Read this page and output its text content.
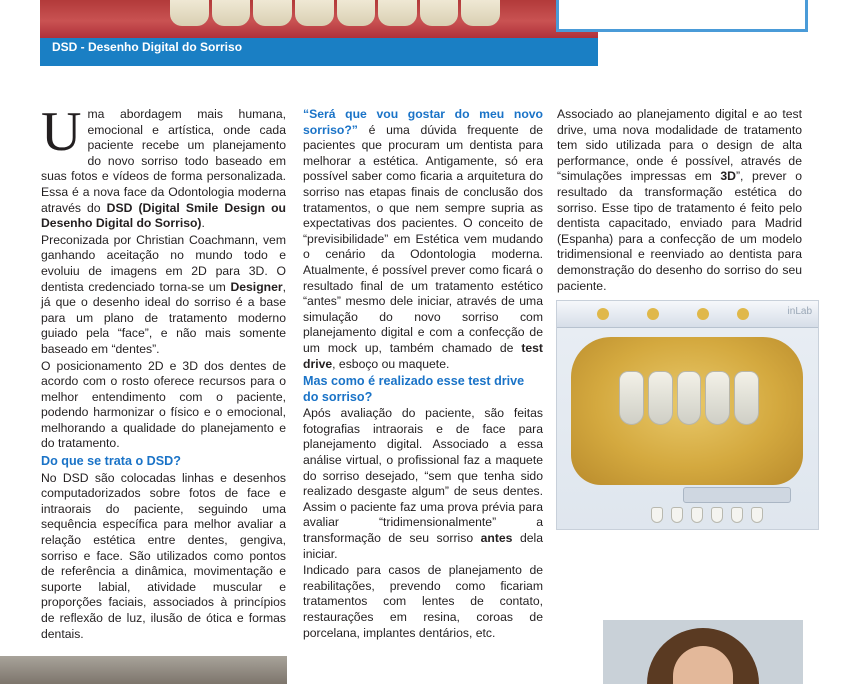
DSD - Desenho Digital do Sorriso

Uma abordagem mais humana, emocional e artística, onde cada paciente recebe um planejamento do novo sorriso todo baseado em suas fotos e vídeos de forma personalizada. Essa é a nova face da Odontologia moderna através do DSD (Digital Smile Design ou Desenho Digital do Sorriso).

Preconizada por Christian Coachmann, vem ganhando aceitação no mundo todo e evoluiu de imagens em 2D para 3D. O dentista credenciado torna-se um Designer, já que o desenho ideal do sorriso é a base para um plano de tratamento moderno guiado pela “face”, e não mais somente baseado em “dentes”.

O posicionamento 2D e 3D dos dentes de acordo com o rosto oferece recursos para o melhor entendimento com o paciente, podendo harmonizar o físico e o emocional, melhorando a qualidade do planejamento e do tratamento.

Do que se trata o DSD?

No DSD são colocadas linhas e desenhos computadorizados sobre fotos de face e intraorais do paciente, seguindo uma sequência específica para melhor avaliar a relação estética entre dentes, gengiva, sorriso e face. São utilizados como pontos de referência a dinâmica, movimentação e suporte labial, atividade muscular e proporções faciais, associados à princípios de reflexão de luz, ilusão de ótica e formas dentais.

“Será que vou gostar do meu novo sorriso?” é uma dúvida frequente de pacientes que procuram um dentista para melhorar a estética. Antigamente, só era possível saber como ficaria a arquitetura do sorriso nas etapas finais de conclusão dos tratamentos, o que nem sempre supria as expectativas dos pacientes. O conceito de “previsibilidade” em Estética vem mudando o cenário da Odontologia moderna. Atualmente, é possível prever como ficará o resultado final de um tratamento estético “antes” mesmo dele iniciar, através de uma simulação do novo sorriso com planejamento digital e com a confecção de um mock up, também chamado de test drive, esboço ou maquete.

Mas como é realizado esse test drive do sorriso?

Após avaliação do paciente, são feitas fotografias intraorais e de face para planejamento digital. Associado a essa análise virtual, o profissional faz a maquete do sorriso desejado, “sem que tenha sido realizado desgaste algum” de seus dentes. Assim o paciente faz uma prova prévia para avaliar “tridimensionalmente” a transformação de seu sorriso antes dela iniciar.

Indicado para casos de planejamento de reabilitações, prevendo como ficariam tratamentos com lentes de contato, restaurações em resina, coroas de porcelana, implantes dentários, etc.

Associado ao planejamento digital e ao test drive, uma nova modalidade de tratamento tem sido utilizada para o design de alta performance, onde é possível, através de “simulações impressas em 3D”, prever o resultado da transformação estética do sorriso. Esse tipo de tratamento é feito pelo dentista capacitado, enviado para Madrid (Espanha) para a confecção de um modelo tridimensional e reenviado ao dentista para demonstração do desenho do sorriso do seu paciente.

inLab
